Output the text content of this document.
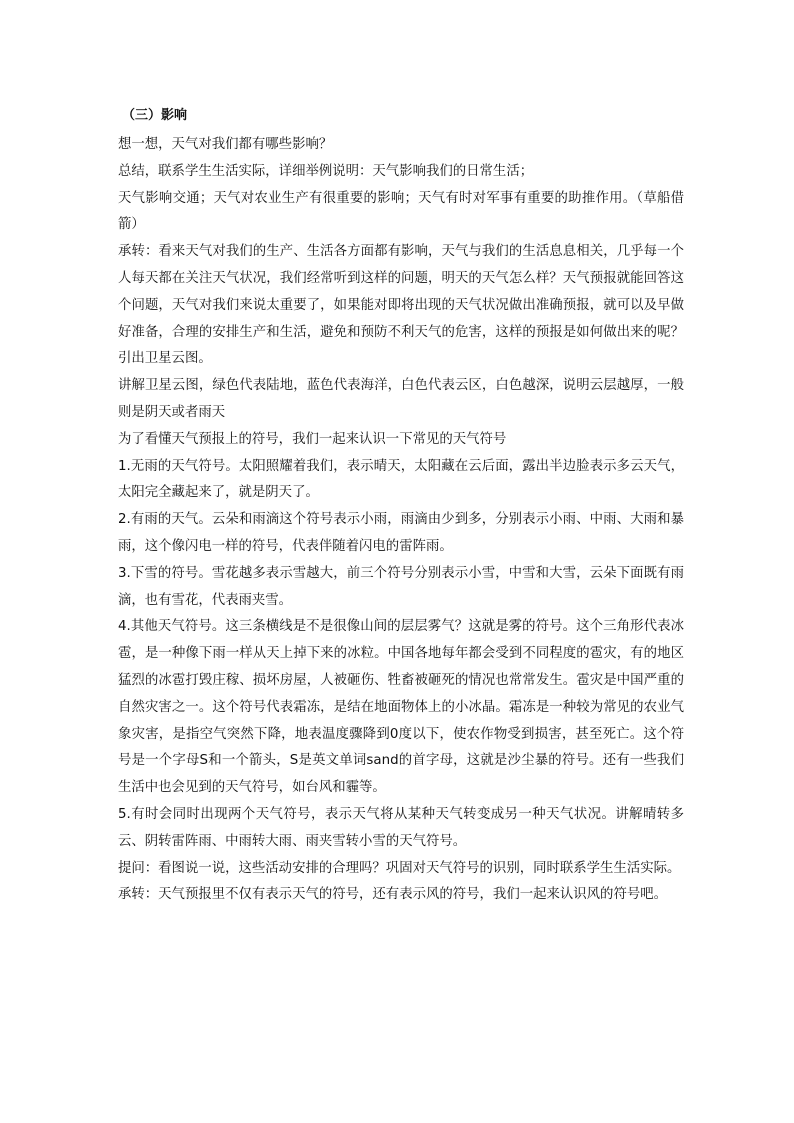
（三）影响

想一想，天气对我们都有哪些影响？

总结，联系学生生活实际，详细举例说明：天气影响我们的日常生活；

天气影响交通；天气对农业生产有很重要的影响；天气有时对军事有重要的助推作用。（草船借箭）

承转：看来天气对我们的生产、生活各方面都有影响，天气与我们的生活息息相关，几乎每一个人每天都在关注天气状况，我们经常听到这样的问题，明天的天气怎么样？天气预报就能回答这个问题，天气对我们来说太重要了，如果能对即将出现的天气状况做出准确预报，就可以及早做好准备，合理的安排生产和生活，避免和预防不利天气的危害，这样的预报是如何做出来的呢？引出卫星云图。

讲解卫星云图，绿色代表陆地，蓝色代表海洋，白色代表云区，白色越深，说明云层越厚，一般则是阴天或者雨天

为了看懂天气预报上的符号，我们一起来认识一下常见的天气符号

1.无雨的天气符号。太阳照耀着我们，表示晴天，太阳藏在云后面，露出半边脸表示多云天气，太阳完全藏起来了，就是阴天了。

2.有雨的天气。云朵和雨滴这个符号表示小雨，雨滴由少到多，分别表示小雨、中雨、大雨和暴雨，这个像闪电一样的符号，代表伴随着闪电的雷阵雨。

3.下雪的符号。雪花越多表示雪越大，前三个符号分别表示小雪，中雪和大雪，云朵下面既有雨滴，也有雪花，代表雨夹雪。

4.其他天气符号。这三条横线是不是很像山间的层层雾气？这就是雾的符号。这个三角形代表冰雹，是一种像下雨一样从天上掉下来的冰粒。中国各地每年都会受到不同程度的雹灾，有的地区猛烈的冰雹打毁庄稼、损坏房屋，人被砸伤、牲畜被砸死的情况也常常发生。雹灾是中国严重的自然灾害之一。这个符号代表霜冻，是结在地面物体上的小冰晶。霜冻是一种较为常见的农业气象灾害，是指空气突然下降，地表温度骤降到0度以下，使农作物受到损害，甚至死亡。这个符号是一个字母S和一个箭头，S是英文单词sand的首字母，这就是沙尘暴的符号。还有一些我们生活中也会见到的天气符号，如台风和霾等。

5.有时会同时出现两个天气符号，表示天气将从某种天气转变成另一种天气状况。讲解晴转多云、阴转雷阵雨、中雨转大雨、雨夹雪转小雪的天气符号。

提问：看图说一说，这些活动安排的合理吗？巩固对天气符号的识别，同时联系学生生活实际。

承转：天气预报里不仅有表示天气的符号，还有表示风的符号，我们一起来认识风的符号吧。
